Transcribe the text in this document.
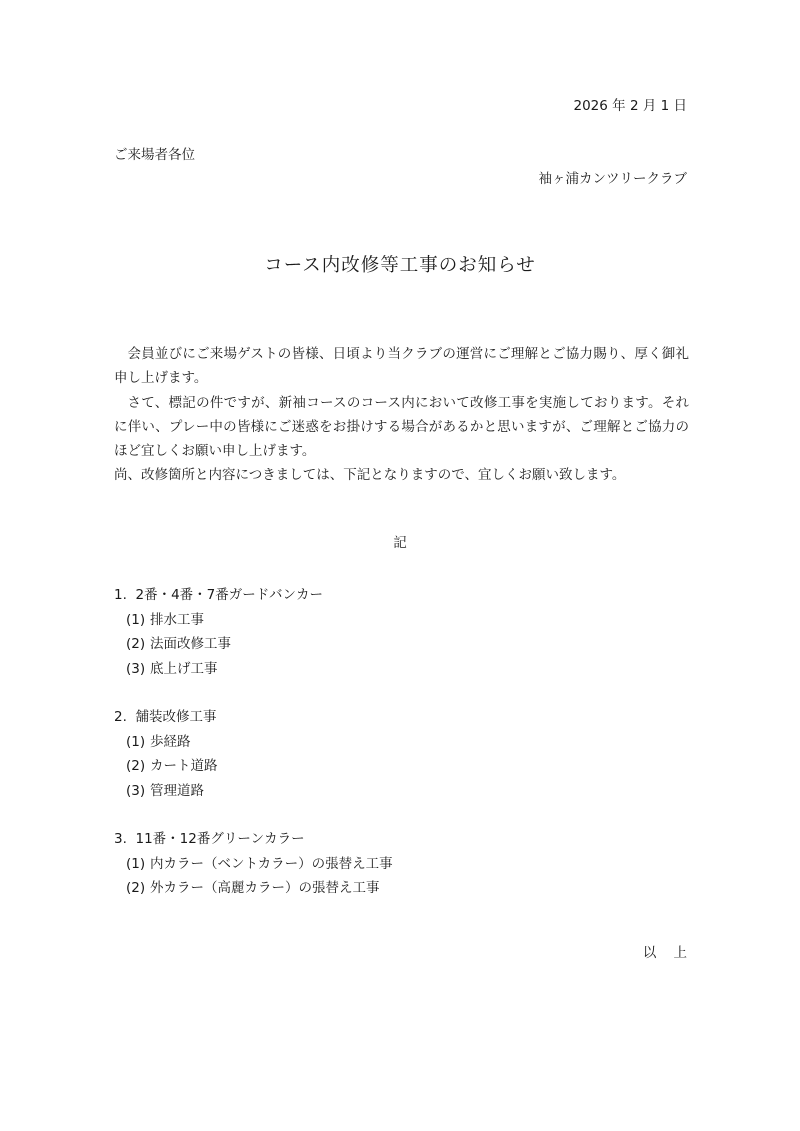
2026 年 2 月 1 日
ご来場者各位
袖ヶ浦カンツリークラブ
コース内改修等工事のお知らせ

会員並びにご来場ゲストの皆様、日頃より当クラブの運営にご理解とご協力賜り、厚く御礼申し上げます。

さて、標記の件ですが、新袖コースのコース内において改修工事を実施しております。それに伴い、プレー中の皆様にご迷惑をお掛けする場合があるかと思いますが、ご理解とご協力のほど宜しくお願い申し上げます。

尚、改修箇所と内容につきましては、下記となりますので、宜しくお願い致します。

記
1. 2番・4番・7番ガードバンカー
(1) 排水工事
(2) 法面改修工事
(3) 底上げ工事
2. 舗装改修工事
(1) 歩経路
(2) カート道路
(3) 管理道路
3. 11番・12番グリーンカラー
(1) 内カラー（ベントカラー）の張替え工事
(2) 外カラー（高麗カラー）の張替え工事
以 上
